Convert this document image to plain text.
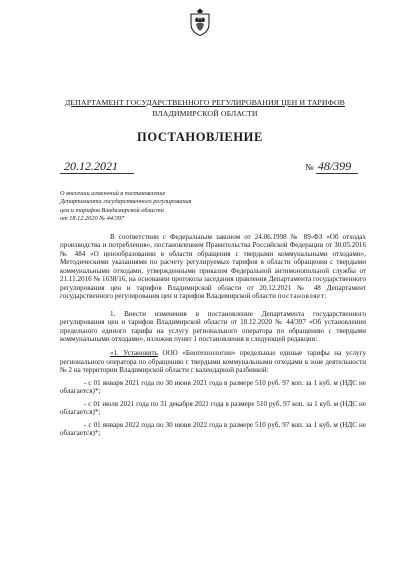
ДЕПАРТАМЕНТ ГОСУДАРСТВЕННОГО РЕГУЛИРОВАНИЯ ЦЕН И ТАРИФОВ
ВЛАДИМИРСКОЙ ОБЛАСТИ
ПОСТАНОВЛЕНИЕ
20.12.2021	№ 48/399
О внесении изменений в постановление
Департамента государственного регулирования
цен и тарифов Владимирской области
от 18.12.2020 № 44/397

В соответствии с Федеральным законом от 24.06.1998 № 89-ФЗ «Об отходах производства и потребления», постановлением Правительства Российской Федерации от 30.05.2016 № 484 «О ценообразовании в области обращения с твердыми коммунальными отходами», Методическими указаниями по расчету регулируемых тарифов в области обращения с твердыми коммунальными отходами, утвержденными приказом Федеральной антимонопольной службы от 21.11.2016 № 1638/16, на основании протокола заседания правления Департамента государственного регулирования цен и тарифов Владимирской области от 20.12.2021 № 48 Департамент государственного регулирования цен и тарифов Владимирской области постановляет:

1. Внести изменения в постановление Департамента государственного регулирования цен и тарифов Владимирской области от 18.12.2020 № 44/397 «Об установлении предельного единого тарифа на услугу регионального оператора по обращению с твердыми коммунальными отходами», изложив пункт 1 постановления в следующей редакции:

«1. Установить ООО «Биотехнологии» предельные единые тарифы на услугу регионального оператора по обращению с твердыми коммунальными отходами в зоне деятельности № 2 на территории Владимирской области с календарной разбивкой:

- с 01 января 2021 года по 30 июня 2021 года в размере 510 руб. 97 коп. за 1 куб. м (НДС не облагается)*;

- с 01 июля 2021 года по 31 декабря 2021 года в размере 510 руб. 97 коп. за 1 куб. м (НДС не облагается)*;

- с 01 января 2022 года по 30 июня 2022 года в размере 510 руб. 97 коп. за 1 куб. м (НДС не облагается)*;
